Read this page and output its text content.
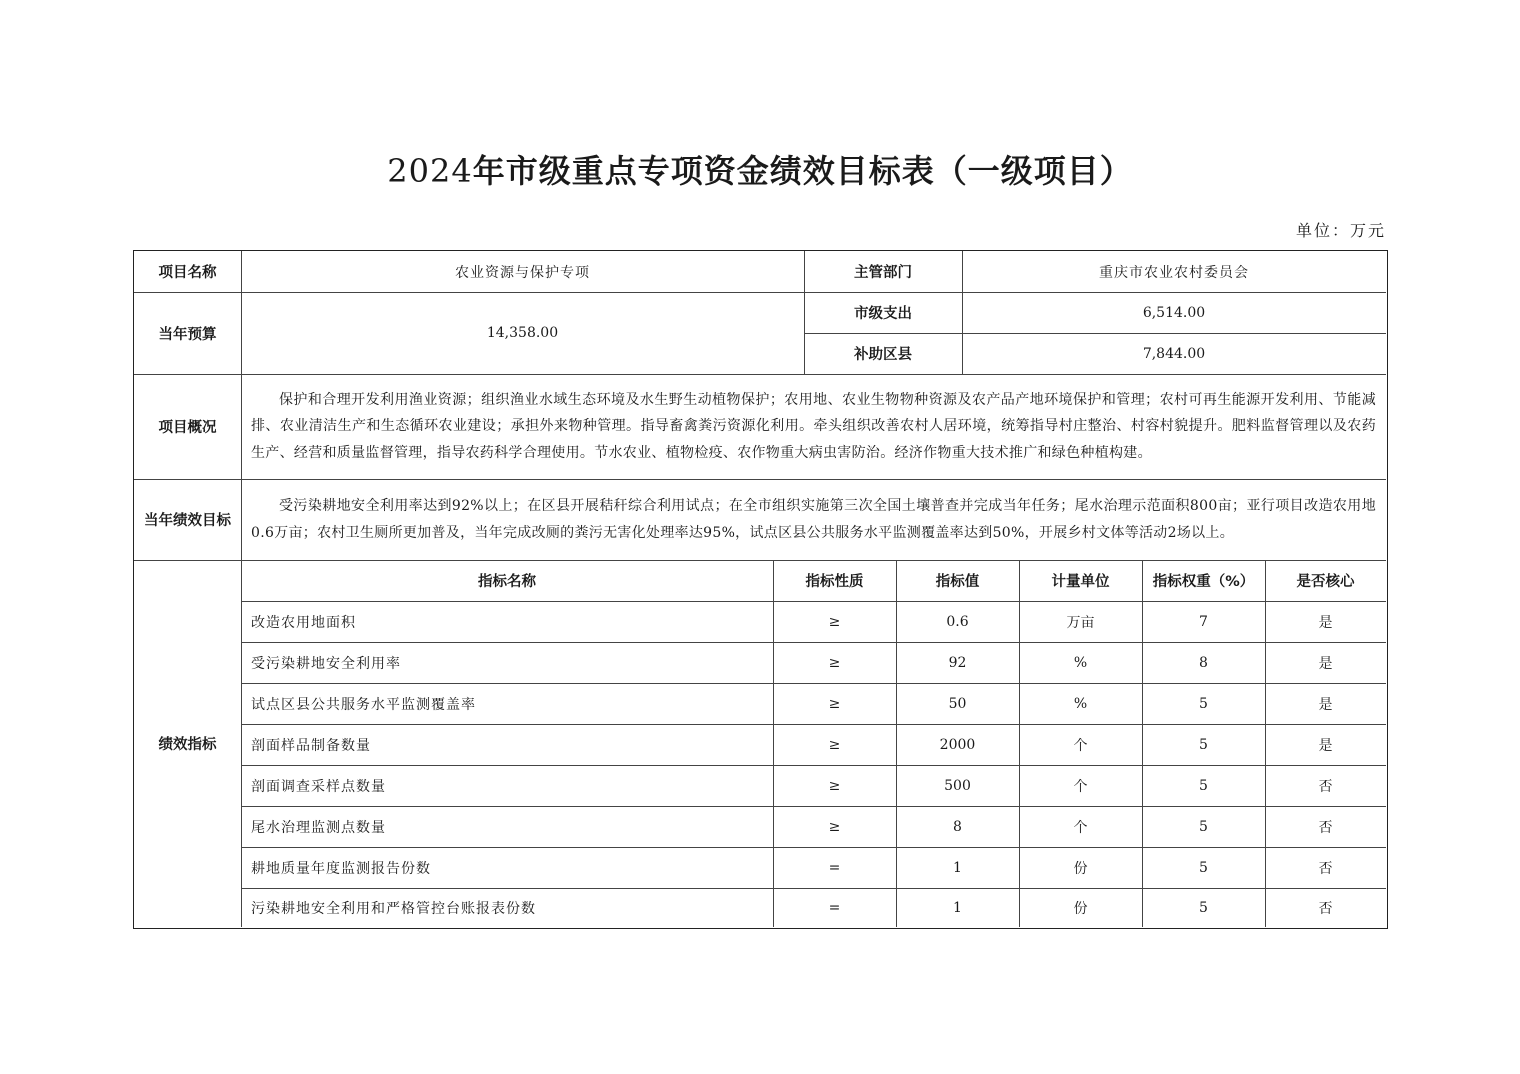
2024年市级重点专项资金绩效目标表（一级项目）
单位：万元
项目名称	农业资源与保护专项	主管部门	重庆市农业农村委员会
当年预算	14,358.00
市级支出	6,514.00
补助区县	7,844.00
项目概况

保护和合理开发利用渔业资源；组织渔业水域生态环境及水生野生动植物保护；农用地、农业生物物种资源及农产品产地环境保护和管理；农村可再生能源开发利用、节能减排、农业清洁生产和生态循环农业建设；承担外来物种管理。指导畜禽粪污资源化利用。牵头组织改善农村人居环境，统筹指导村庄整治、村容村貌提升。肥料监督管理以及农药生产、经营和质量监督管理，指导农药科学合理使用。节水农业、植物检疫、农作物重大病虫害防治。经济作物重大技术推广和绿色种植构建。

当年绩效目标

受污染耕地安全利用率达到92%以上；在区县开展秸秆综合利用试点；在全市组织实施第三次全国土壤普查并完成当年任务；尾水治理示范面积800亩；亚行项目改造农用地0.6万亩；农村卫生厕所更加普及，当年完成改厕的粪污无害化处理率达95%，试点区县公共服务水平监测覆盖率达到50%，开展乡村文体等活动2场以上。

绩效指标
指标名称	指标性质	指标值	计量单位	指标权重（%）	是否核心
改造农用地面积	≥	0.6	万亩	7	是
受污染耕地安全利用率	≥	92	%	8	是
试点区县公共服务水平监测覆盖率	≥	50	%	5	是
剖面样品制备数量	≥	2000	个	5	是
剖面调查采样点数量	≥	500	个	5	否
尾水治理监测点数量	≥	8	个	5	否
耕地质量年度监测报告份数	=	1	份	5	否
污染耕地安全利用和严格管控台账报表份数	=	1	份	5	否
